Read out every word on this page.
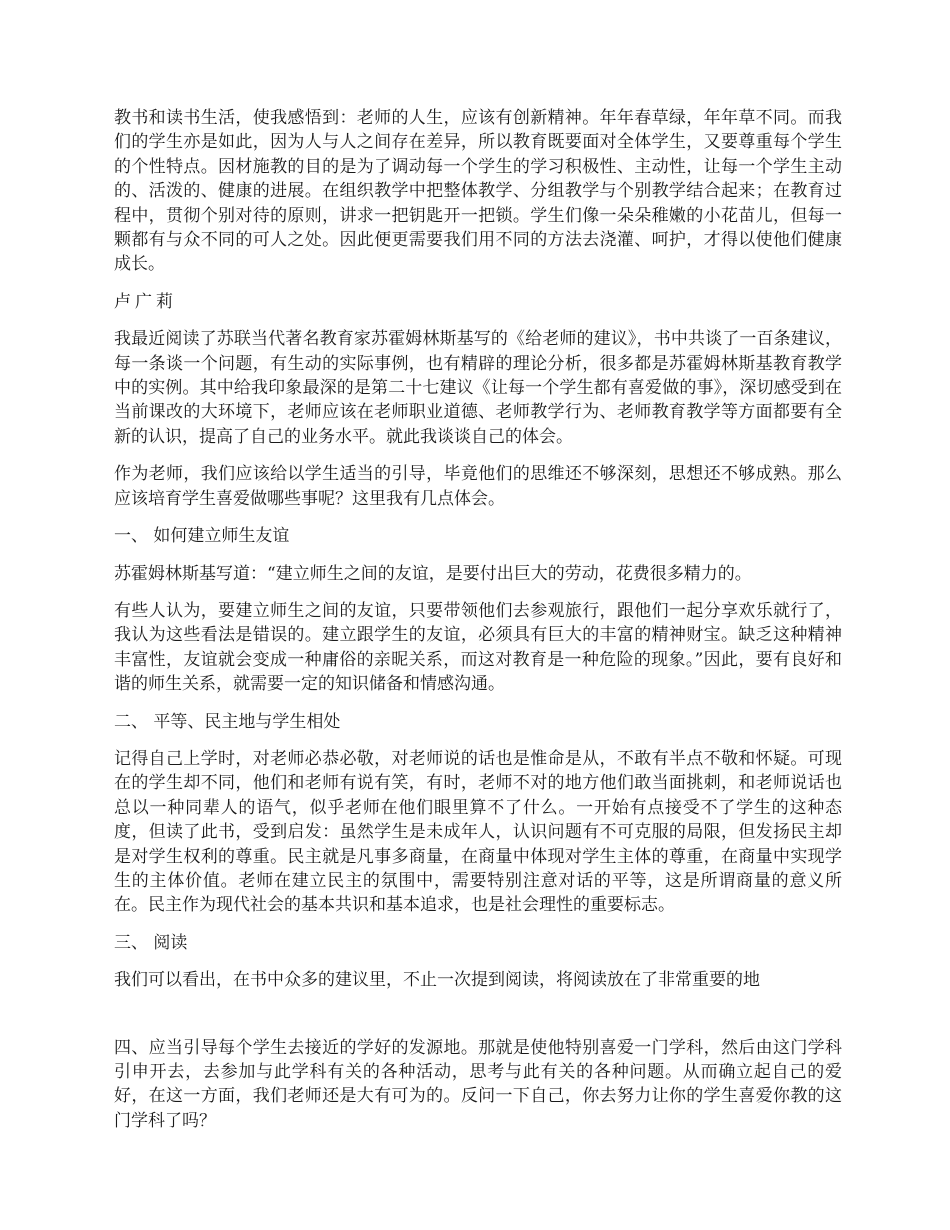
教书和读书生活，使我感悟到：老师的人生，应该有创新精神。年年春草绿，年年草不同。而我们的学生亦是如此，因为人与人之间存在差异，所以教育既要面对全体学生，又要尊重每个学生的个性特点。因材施教的目的是为了调动每一个学生的学习积极性、主动性，让每一个学生主动的、活泼的、健康的进展。在组织教学中把整体教学、分组教学与个别教学结合起来；在教育过程中，贯彻个别对待的原则，讲求一把钥匙开一把锁。学生们像一朵朵稚嫩的小花苗儿，但每一颗都有与众不同的可人之处。因此便更需要我们用不同的方法去浇灌、呵护，才得以使他们健康成长。

卢广莉

我最近阅读了苏联当代著名教育家苏霍姆林斯基写的《给老师的建议》，书中共谈了一百条建议，每一条谈一个问题，有生动的实际事例，也有精辟的理论分析，很多都是苏霍姆林斯基教育教学中的实例。其中给我印象最深的是第二十七建议《让每一个学生都有喜爱做的事》，深切感受到在当前课改的大环境下，老师应该在老师职业道德、老师教学行为、老师教育教学等方面都要有全新的认识，提高了自己的业务水平。就此我谈谈自己的体会。

作为老师，我们应该给以学生适当的引导，毕竟他们的思维还不够深刻，思想还不够成熟。那么应该培育学生喜爱做哪些事呢？这里我有几点体会。

一、 如何建立师生友谊

苏霍姆林斯基写道：“建立师生之间的友谊，是要付出巨大的劳动，花费很多精力的。

有些人认为，要建立师生之间的友谊，只要带领他们去参观旅行，跟他们一起分享欢乐就行了，我认为这些看法是错误的。建立跟学生的友谊，必须具有巨大的丰富的精神财宝。缺乏这种精神丰富性，友谊就会变成一种庸俗的亲昵关系，而这对教育是一种危险的现象。”因此，要有良好和谐的师生关系，就需要一定的知识储备和情感沟通。

二、 平等、民主地与学生相处

记得自己上学时，对老师必恭必敬，对老师说的话也是惟命是从，不敢有半点不敬和怀疑。可现在的学生却不同，他们和老师有说有笑，有时，老师不对的地方他们敢当面挑刺，和老师说话也总以一种同辈人的语气，似乎老师在他们眼里算不了什么。一开始有点接受不了学生的这种态度，但读了此书，受到启发：虽然学生是未成年人，认识问题有不可克服的局限，但发扬民主却是对学生权利的尊重。民主就是凡事多商量，在商量中体现对学生主体的尊重，在商量中实现学生的主体价值。老师在建立民主的氛围中，需要特别注意对话的平等，这是所谓商量的意义所在。民主作为现代社会的基本共识和基本追求，也是社会理性的重要标志。

三、 阅读

我们可以看出，在书中众多的建议里，不止一次提到阅读，将阅读放在了非常重要的地

四、应当引导每个学生去接近的学好的发源地。那就是使他特别喜爱一门学科，然后由这门学科引申开去，去参加与此学科有关的各种活动，思考与此有关的各种问题。从而确立起自己的爱好，在这一方面，我们老师还是大有可为的。反问一下自己，你去努力让你的学生喜爱你教的这门学科了吗？
